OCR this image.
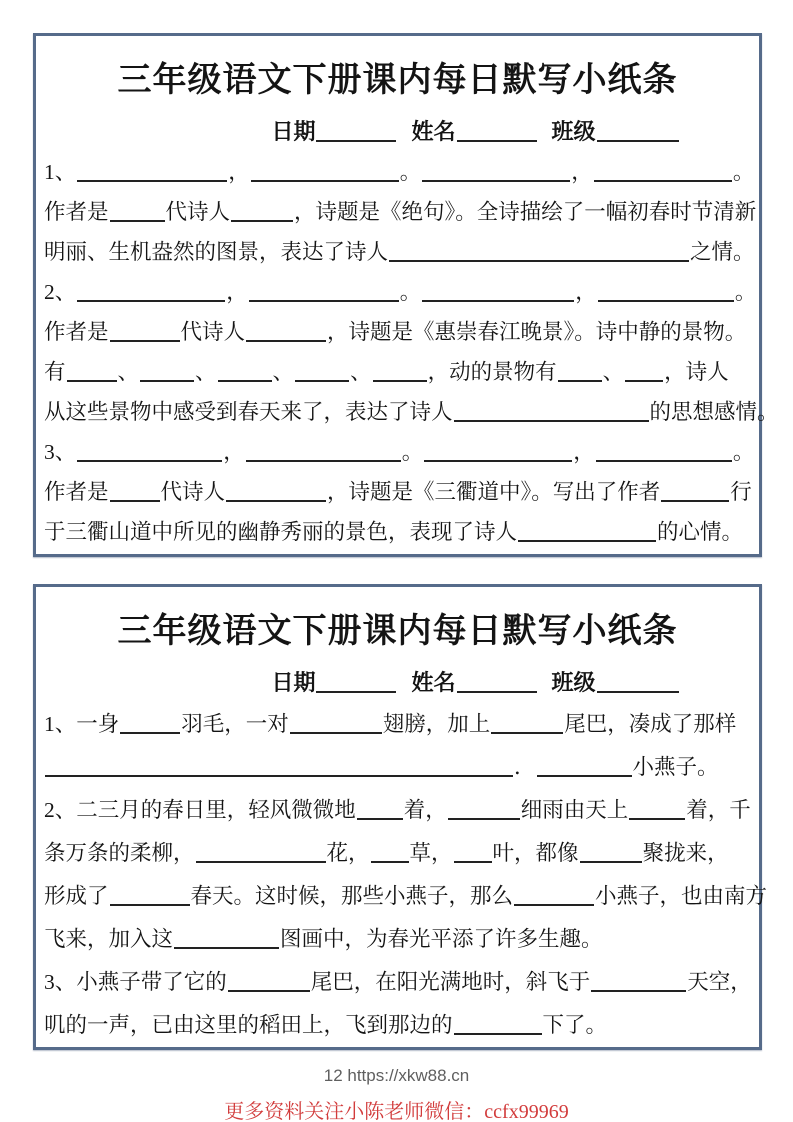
三年级语文下册课内每日默写小纸条
日期	姓名	班级
1、	，	。	，	。
作者是	代诗人	，诗题是《绝句》。全诗描绘了一幅初春时节清新
明丽、生机盎然的图景，表达了诗人	之情。
2、	，	。	，	。
作者是	代诗人	，诗题是《惠崇春江晚景》。诗中静的景物。
有 、	、	、	、	，动的景物有 、 ，诗人
从这些景物中感受到春天来了，表达了诗人	的思想感情。
3、	，	。	，	。
作者是 代诗人	，诗题是《三衢道中》。写出了作者	行
于三衢山道中所见的幽静秀丽的景色，表现了诗人	的心情。
三年级语文下册课内每日默写小纸条
日期	姓名	班级
1、一身	羽毛，一对	翅膀，加上	尾巴，凑成了那样
．	小燕子。
2、二三月的春日里，轻风微微地 着，	细雨由天上	着，千
条万条的柔柳，	花， 草， 叶，都像	聚拢来，
形成了	春天。这时候，那些小燕子，那么	小燕子，也由南方
飞来，加入这	图画中，为春光平添了许多生趣。
3、小燕子带了它的	尾巴，在阳光满地时，斜飞于	天空，
叽的一声，已由这里的稻田上，飞到那边的	下了。
12 https://xkw88.cn
更多资料关注小陈老师微信：ccfx99969
